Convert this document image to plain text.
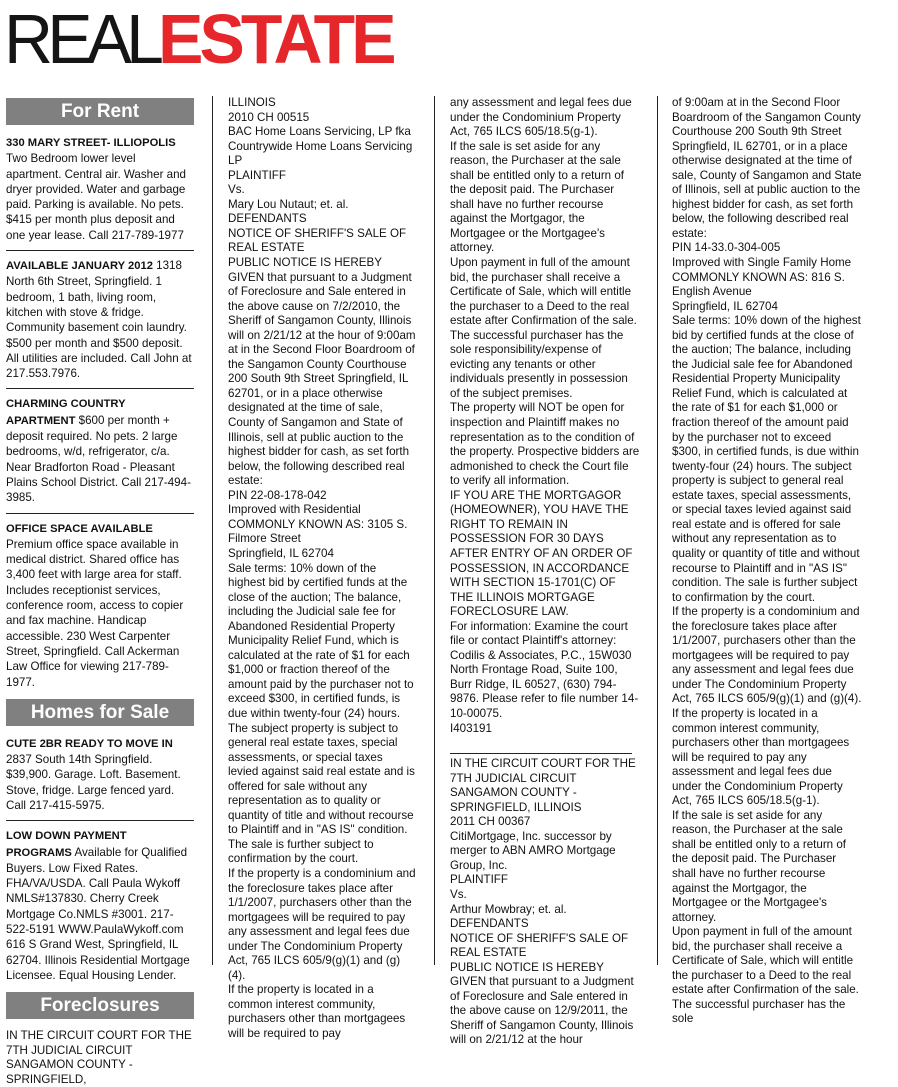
REALESTATE
For Rent
330 MARY STREET- ILLIOPOLIS Two Bedroom lower level apartment. Central air. Washer and dryer provided. Water and garbage paid. Parking is available. No pets. $415 per month plus deposit and one year lease. Call 217-789-1977
AVAILABLE JANUARY 2012 1318 North 6th Street, Springfield. 1 bedroom, 1 bath, living room, kitchen with stove & fridge. Community basement coin laundry. $500 per month and $500 deposit. All utilities are included. Call John at 217.553.7976.
CHARMING COUNTRY APARTMENT $600 per month + deposit required. No pets. 2 large bedrooms, w/d, refrigerator, c/a. Near Bradforton Road - Pleasant Plains School District. Call 217-494-3985.
OFFICE SPACE AVAILABLE Premium office space available in medical district. Shared office has 3,400 feet with large area for staff. Includes receptionist services, conference room, access to copier and fax machine. Handicap accessible. 230 West Carpenter Street, Springfield. Call Ackerman Law Office for viewing 217-789-1977.
Homes for Sale
CUTE 2BR READY TO MOVE IN 2837 South 14th Springfield. $39,900. Garage. Loft. Basement. Stove, fridge. Large fenced yard. Call 217-415-5975.
LOW DOWN PAYMENT PROGRAMS Available for Qualified Buyers. Low Fixed Rates. FHA/VA/USDA. Call Paula Wykoff NMLS#137830. Cherry Creek Mortgage Co.NMLS #3001. 217-522-5191 WWW.PaulaWykoff.com 616 S Grand West, Springfield, IL 62704. Illinois Residential Mortgage Licensee. Equal Housing Lender.
Foreclosures
IN THE CIRCUIT COURT FOR THE 7TH JUDICIAL CIRCUIT
SANGAMON COUNTY - SPRINGFIELD,
ILLINOIS
2010 CH 00515
BAC Home Loans Servicing, LP fka Countrywide Home Loans Servicing LP
PLAINTIFF
Vs.
Mary Lou Nutaut; et. al.
DEFENDANTS
NOTICE OF SHERIFF'S SALE OF REAL ESTATE
PUBLIC NOTICE IS HEREBY GIVEN that pursuant to a Judgment of Foreclosure and Sale entered in the above cause on 7/2/2010, the Sheriff of Sangamon County, Illinois will on 2/21/12 at the hour of 9:00am at in the Second Floor Boardroom of the Sangamon County Courthouse 200 South 9th Street Springfield, IL 62701, or in a place otherwise designated at the time of sale, County of Sangamon and State of Illinois, sell at public auction to the highest bidder for cash, as set forth below, the following described real estate:
PIN 22-08-178-042
Improved with Residential
COMMONLY KNOWN AS: 3105 S. Filmore Street
Springfield, IL 62704
Sale terms: 10% down of the highest bid by certified funds at the close of the auction; The balance, including the Judicial sale fee for Abandoned Residential Property Municipality Relief Fund, which is calculated at the rate of $1 for each $1,000 or fraction thereof of the amount paid by the purchaser not to exceed $300, in certified funds, is due within twenty-four (24) hours. The subject property is subject to general real estate taxes, special assessments, or special taxes levied against said real estate and is offered for sale without any representation as to quality or quantity of title and without recourse to Plaintiff and in "AS IS" condition. The sale is further subject to confirmation by the court.
If the property is a condominium and the foreclosure takes place after 1/1/2007, purchasers other than the mortgagees will be required to pay any assessment and legal fees due under The Condominium Property Act, 765 ILCS 605/9(g)(1) and (g)(4).
If the property is located in a common interest community, purchasers other than mortgagees will be required to pay
any assessment and legal fees due under the Condominium Property Act, 765 ILCS 605/18.5(g-1).
If the sale is set aside for any reason, the Purchaser at the sale shall be entitled only to a return of the deposit paid. The Purchaser shall have no further recourse against the Mortgagor, the Mortgagee or the Mortgagee's attorney.
Upon payment in full of the amount bid, the purchaser shall receive a Certificate of Sale, which will entitle the purchaser to a Deed to the real estate after Confirmation of the sale. The successful purchaser has the sole responsibility/expense of evicting any tenants or other individuals presently in possession of the subject premises.
The property will NOT be open for inspection and Plaintiff makes no representation as to the condition of the property. Prospective bidders are admonished to check the Court file to verify all information.
IF YOU ARE THE MORTGAGOR (HOMEOWNER), YOU HAVE THE RIGHT TO REMAIN IN POSSESSION FOR 30 DAYS AFTER ENTRY OF AN ORDER OF POSSESSION, IN ACCORDANCE WITH SECTION 15-1701(C) OF THE ILLINOIS MORTGAGE FORECLOSURE LAW.
For information: Examine the court file or contact Plaintiff's attorney: Codilis & Associates, P.C., 15W030 North Frontage Road, Suite 100, Burr Ridge, IL 60527, (630) 794-9876. Please refer to file number 14-10-00075.
I403191
IN THE CIRCUIT COURT FOR THE 7TH JUDICIAL CIRCUIT
SANGAMON COUNTY - SPRINGFIELD, ILLINOIS
2011 CH 00367
CitiMortgage, Inc. successor by merger to ABN AMRO Mortgage Group, Inc.
PLAINTIFF
Vs.
Arthur Mowbray; et. al.
DEFENDANTS
NOTICE OF SHERIFF'S SALE OF REAL ESTATE
PUBLIC NOTICE IS HEREBY GIVEN that pursuant to a Judgment of Foreclosure and Sale entered in the above cause on 12/9/2011, the Sheriff of Sangamon County, Illinois will on 2/21/12 at the hour
of 9:00am at in the Second Floor Boardroom of the Sangamon County Courthouse 200 South 9th Street Springfield, IL 62701, or in a place otherwise designated at the time of sale, County of Sangamon and State of Illinois, sell at public auction to the highest bidder for cash, as set forth below, the following described real estate:
PIN 14-33.0-304-005
Improved with Single Family Home
COMMONLY KNOWN AS: 816 S. English Avenue
Springfield, IL 62704
Sale terms: 10% down of the highest bid by certified funds at the close of the auction; The balance, including the Judicial sale fee for Abandoned Residential Property Municipality Relief Fund, which is calculated at the rate of $1 for each $1,000 or fraction thereof of the amount paid by the purchaser not to exceed $300, in certified funds, is due within twenty-four (24) hours. The subject property is subject to general real estate taxes, special assessments, or special taxes levied against said real estate and is offered for sale without any representation as to quality or quantity of title and without recourse to Plaintiff and in "AS IS" condition. The sale is further subject to confirmation by the court.
If the property is a condominium and the foreclosure takes place after 1/1/2007, purchasers other than the mortgagees will be required to pay any assessment and legal fees due under The Condominium Property Act, 765 ILCS 605/9(g)(1) and (g)(4).
If the property is located in a common interest community, purchasers other than mortgagees will be required to pay any assessment and legal fees due under the Condominium Property Act, 765 ILCS 605/18.5(g-1).
If the sale is set aside for any reason, the Purchaser at the sale shall be entitled only to a return of the deposit paid. The Purchaser shall have no further recourse against the Mortgagor, the Mortgagee or the Mortgagee's attorney.
Upon payment in full of the amount bid, the purchaser shall receive a Certificate of Sale, which will entitle the purchaser to a Deed to the real estate after Confirmation of the sale. The successful purchaser has the sole
